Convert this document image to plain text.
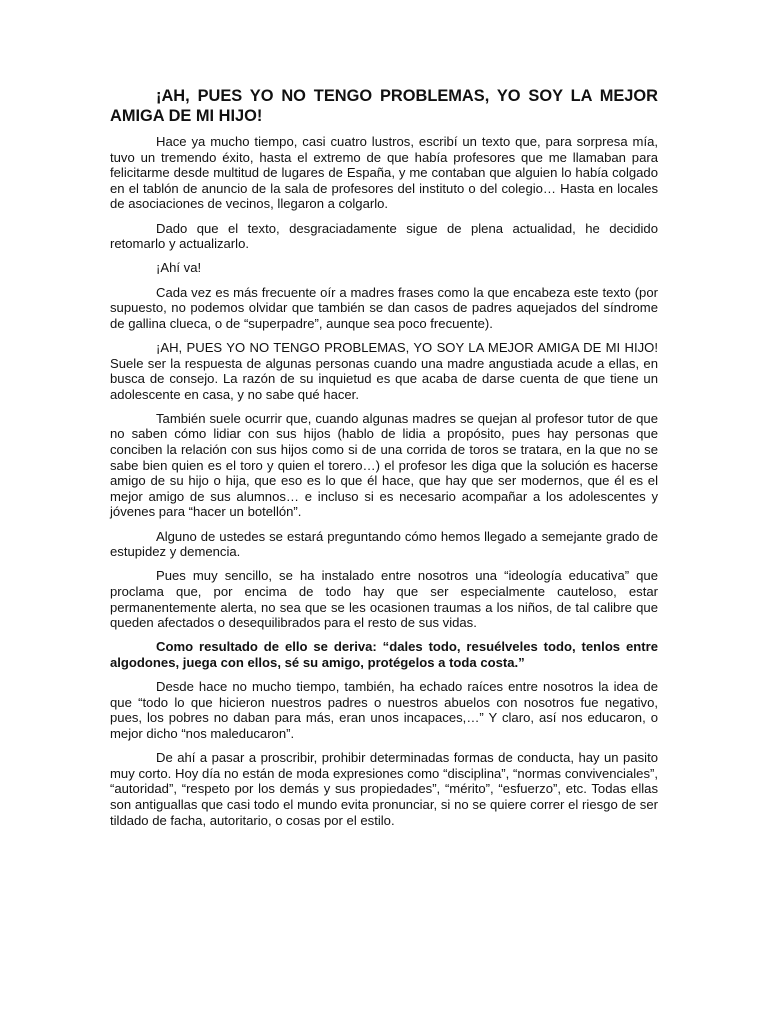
¡AH, PUES YO NO TENGO PROBLEMAS, YO SOY LA MEJOR AMIGA DE MI HIJO!

Hace ya mucho tiempo, casi cuatro lustros, escribí un texto que, para sorpresa mía, tuvo un tremendo éxito, hasta el extremo de que había profesores que me llamaban para felicitarme desde multitud de lugares de España, y me contaban que alguien lo había colgado en el tablón de anuncio de la sala de profesores del instituto o del colegio… Hasta en locales de asociaciones de vecinos, llegaron a colgarlo.

Dado que el texto, desgraciadamente sigue de plena actualidad, he decidido retomarlo y actualizarlo.

¡Ahí va!

Cada vez es más frecuente oír a madres frases como la que encabeza este texto (por supuesto, no podemos olvidar que también se dan casos de padres aquejados del síndrome de gallina clueca, o de “superpadre”, aunque sea poco frecuente).

¡AH, PUES YO NO TENGO PROBLEMAS, YO SOY LA MEJOR AMIGA DE MI HIJO! Suele ser la respuesta de algunas personas cuando una madre angustiada acude a ellas, en busca de consejo. La razón de su inquietud es que acaba de darse cuenta de que tiene un adolescente en casa, y no sabe qué hacer.

También suele ocurrir que, cuando algunas madres se quejan al profesor tutor de que no saben cómo lidiar con sus hijos (hablo de lidia a propósito, pues hay personas que conciben la relación con sus hijos como si de una corrida de toros se tratara, en la que no se sabe bien quien es el toro y quien el torero…) el profesor les diga que la solución es hacerse amigo de su hijo o hija, que eso es lo que él hace, que hay que ser modernos, que él es el mejor amigo de sus alumnos… e incluso si es necesario acompañar a los adolescentes y jóvenes para “hacer un botellón”.

Alguno de ustedes se estará preguntando cómo hemos llegado a semejante grado de estupidez y demencia.

Pues muy sencillo, se ha instalado entre nosotros una “ideología educativa” que proclama que, por encima de todo hay que ser especialmente cauteloso, estar permanentemente alerta, no sea que se les ocasionen traumas a los niños, de tal calibre que queden afectados o desequilibrados para el resto de sus vidas.

Como resultado de ello se deriva: “dales todo, resuélveles todo, tenlos entre algodones, juega con ellos, sé su amigo, protégelos a toda costa.”

Desde hace no mucho tiempo, también, ha echado raíces entre nosotros la idea de que “todo lo que hicieron nuestros padres o nuestros abuelos con nosotros fue negativo, pues, los pobres no daban para más, eran unos incapaces,…” Y claro, así nos educaron, o mejor dicho “nos maleducaron”.

De ahí a pasar a proscribir, prohibir determinadas formas de conducta, hay un pasito muy corto. Hoy día no están de moda expresiones como “disciplina”, “normas convivenciales”, “autoridad”, “respeto por los demás y sus propiedades”, “mérito”, “esfuerzo”, etc. Todas ellas son antiguallas que casi todo el mundo evita pronunciar, si no se quiere correr el riesgo de ser tildado de facha, autoritario, o cosas por el estilo.
